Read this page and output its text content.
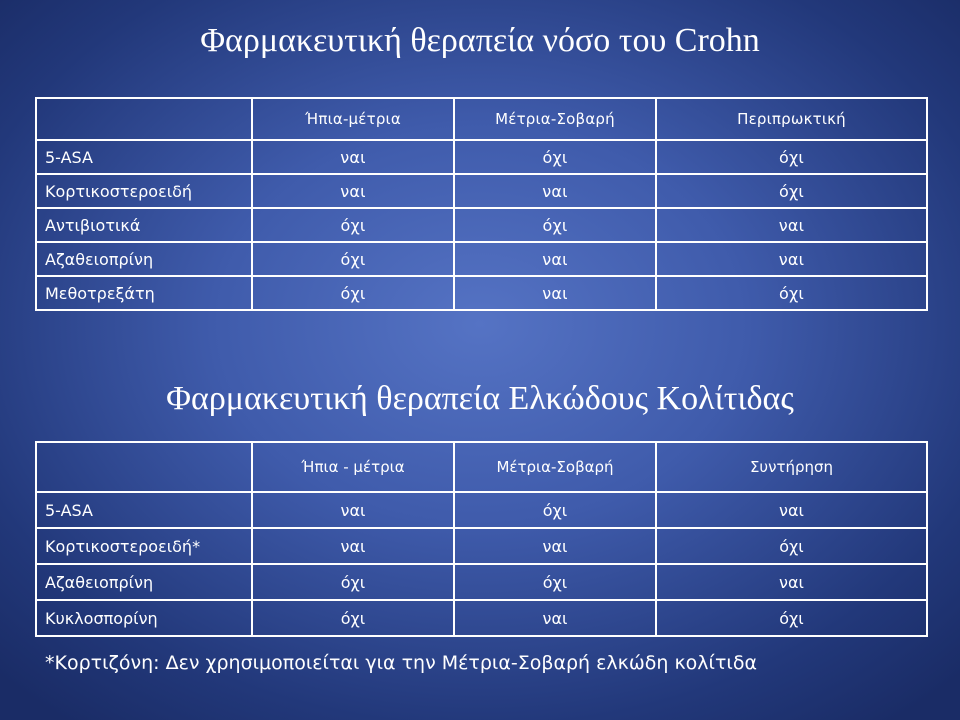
Φαρμακευτική θεραπεία νόσο του Crohn
	Ήπια-μέτρια	Μέτρια-Σοβαρή	Περιπρωκτική
5-ASA	ναι	όχι	όχι
Κορτικοστεροειδή	ναι	ναι	όχι
Αντιβιοτικά	όχι	όχι	ναι
Αζαθειοπρίνη	όχι	ναι	ναι
Μεθοτρεξάτη	όχι	ναι	όχι
Φαρμακευτική θεραπεία Ελκώδους Κολίτιδας
	Ήπια - μέτρια	Μέτρια-Σοβαρή	Συντήρηση
5-ASA	ναι	όχι	ναι
Κορτικοστεροειδή*	ναι	ναι	όχι
Αζαθειοπρίνη	όχι	όχι	ναι
Κυκλοσπορίνη	όχι	ναι	όχι

*Κορτιζόνη: Δεν χρησιμοποιείται για την Μέτρια-Σοβαρή ελκώδη κολίτιδα
